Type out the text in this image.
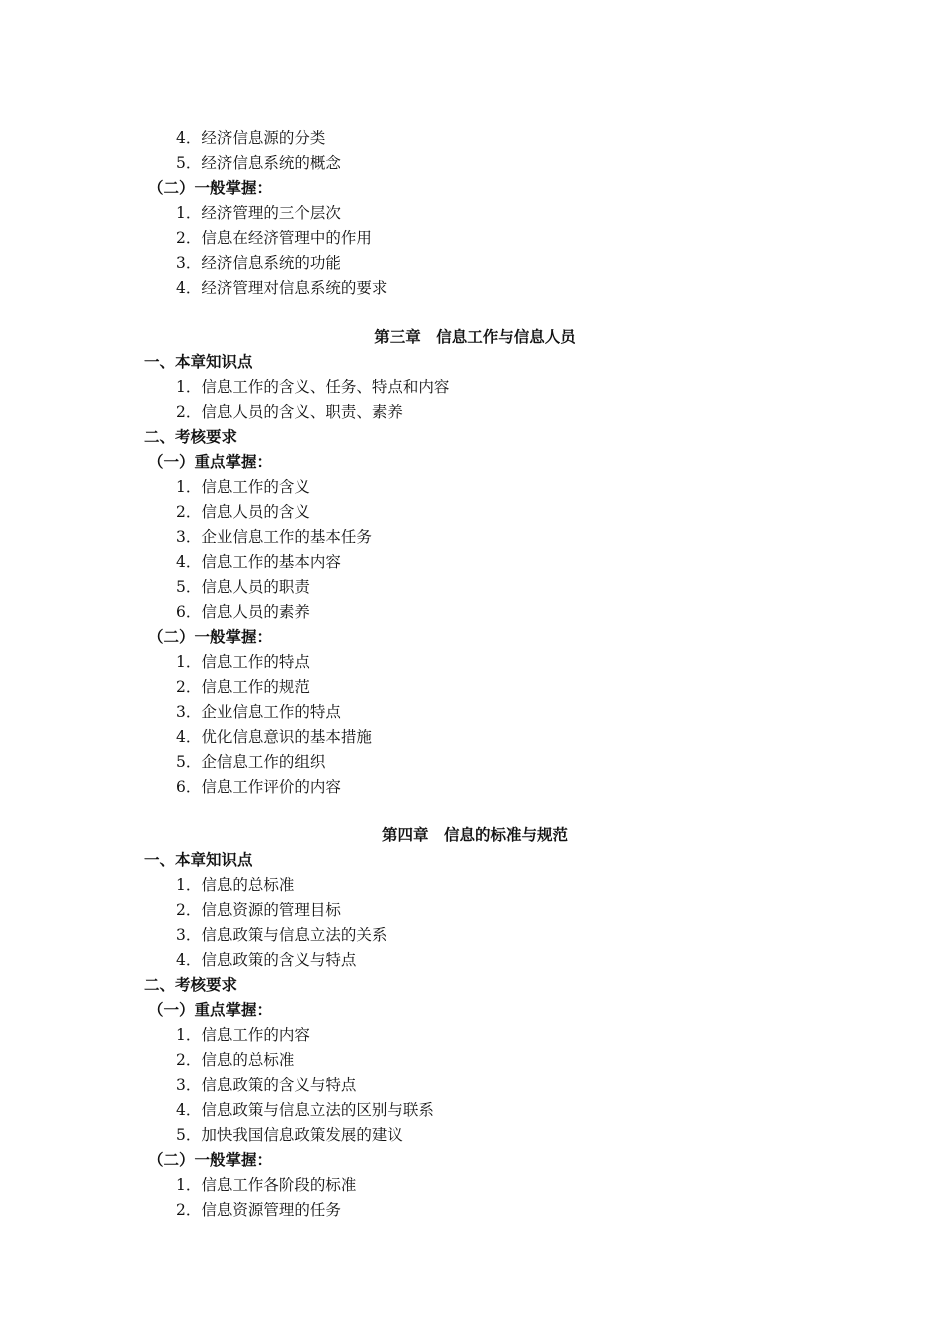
4．经济信息源的分类
5．经济信息系统的概念
（二）一般掌握：
1．经济管理的三个层次
2．信息在经济管理中的作用
3．经济信息系统的功能
4．经济管理对信息系统的要求
第三章　信息工作与信息人员
一、本章知识点
1．信息工作的含义、任务、特点和内容
2．信息人员的含义、职责、素养
二、考核要求
（一）重点掌握：
1．信息工作的含义
2．信息人员的含义
3．企业信息工作的基本任务
4．信息工作的基本内容
5．信息人员的职责
6．信息人员的素养
（二）一般掌握：
1．信息工作的特点
2．信息工作的规范
3．企业信息工作的特点
4．优化信息意识的基本措施
5．企信息工作的组织
6．信息工作评价的内容
第四章　信息的标准与规范
一、本章知识点
1．信息的总标准
2．信息资源的管理目标
3．信息政策与信息立法的关系
4．信息政策的含义与特点
二、考核要求
（一）重点掌握：
1．信息工作的内容
2．信息的总标准
3．信息政策的含义与特点
4．信息政策与信息立法的区别与联系
5．加快我国信息政策发展的建议
（二）一般掌握：
1．信息工作各阶段的标准
2．信息资源管理的任务
